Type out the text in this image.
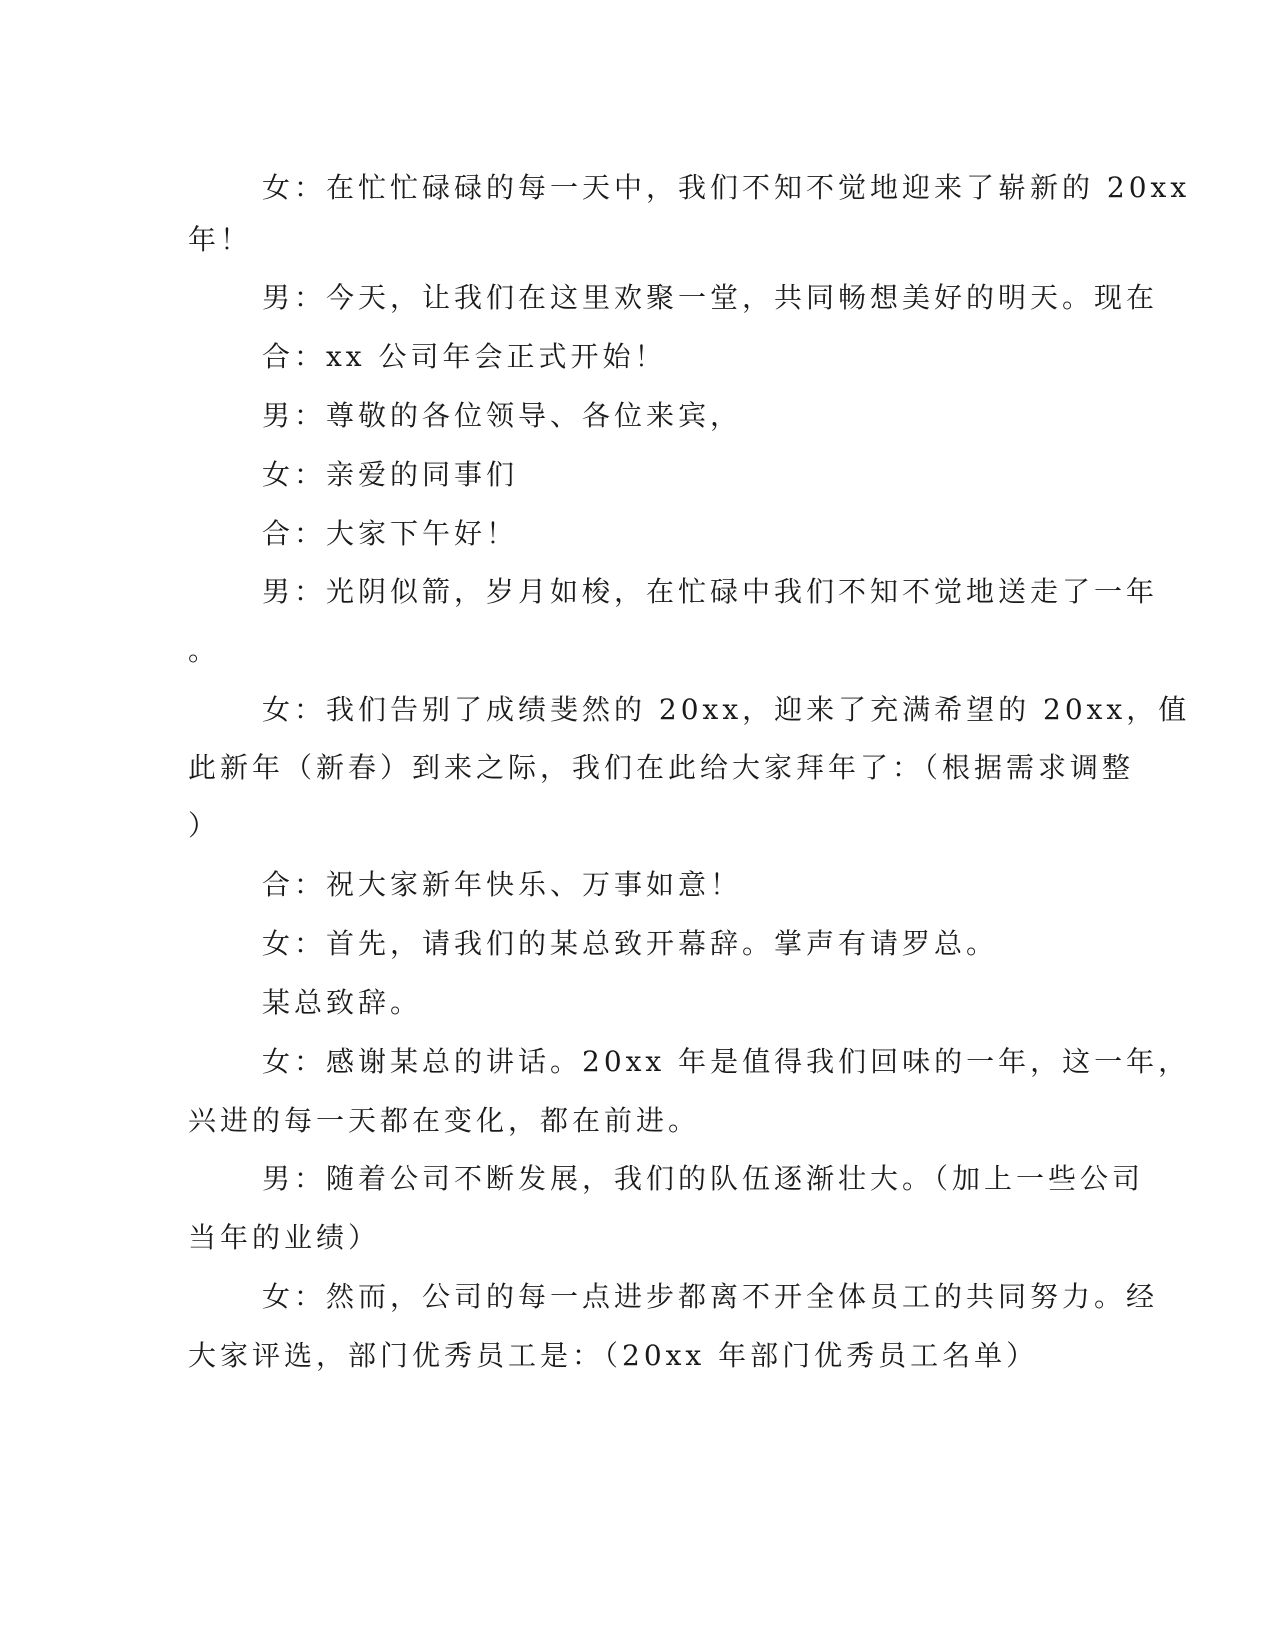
女：在忙忙碌碌的每一天中，我们不知不觉地迎来了崭新的 20xx

年！

男：今天，让我们在这里欢聚一堂，共同畅想美好的明天。现在

合：xx 公司年会正式开始！

男：尊敬的各位领导、各位来宾，

女：亲爱的同事们

合：大家下午好！

男：光阴似箭，岁月如梭，在忙碌中我们不知不觉地送走了一年

。

女：我们告别了成绩斐然的 20xx，迎来了充满希望的 20xx，值

此新年（新春）到来之际，我们在此给大家拜年了：（根据需求调整

）

合：祝大家新年快乐、万事如意！

女：首先，请我们的某总致开幕辞。掌声有请罗总。

某总致辞。

女：感谢某总的讲话。20xx 年是值得我们回味的一年，这一年，

兴进的每一天都在变化，都在前进。

男：随着公司不断发展，我们的队伍逐渐壮大。（加上一些公司

当年的业绩）

女：然而，公司的每一点进步都离不开全体员工的共同努力。经

大家评选，部门优秀员工是：（20xx 年部门优秀员工名单）
